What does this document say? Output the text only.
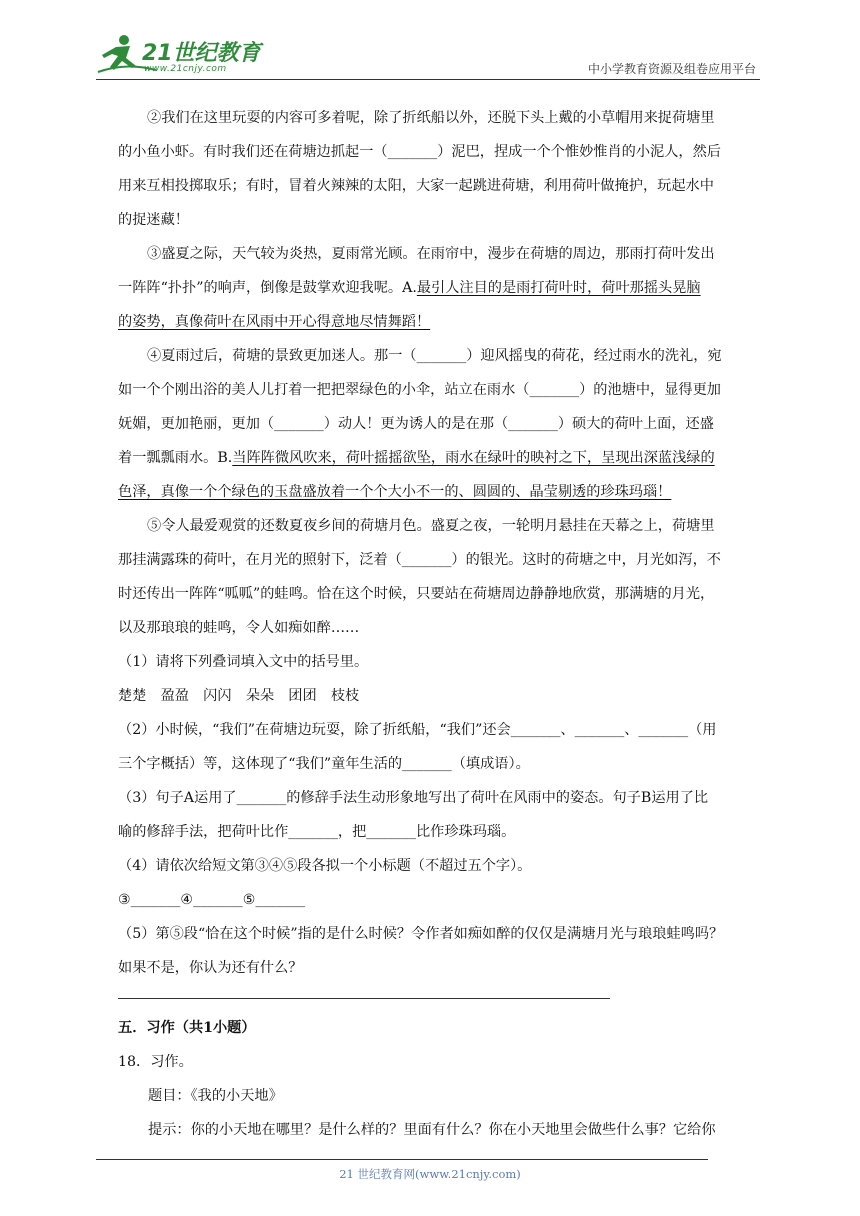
21世纪教育
www.21cnjy.com	中小学教育资源及组卷应用平台
②我们在这里玩耍的内容可多着呢，除了折纸船以外，还脱下头上戴的小草帽用来捉荷塘里
的小鱼小虾。有时我们还在荷塘边抓起一（_______）泥巴，捏成一个个惟妙惟肖的小泥人，然后
用来互相投掷取乐；有时，冒着火辣辣的太阳，大家一起跳进荷塘，利用荷叶做掩护，玩起水中
的捉迷藏！
③盛夏之际，天气较为炎热，夏雨常光顾。在雨帘中，漫步在荷塘的周边，那雨打荷叶发出
一阵阵“扑扑”的响声，倒像是鼓掌欢迎我呢。A.最引人注目的是雨打荷叶时，荷叶那摇头晃脑
的姿势，真像荷叶在风雨中开心得意地尽情舞蹈！
④夏雨过后，荷塘的景致更加迷人。那一（_______）迎风摇曳的荷花，经过雨水的洗礼，宛
如一个个刚出浴的美人儿打着一把把翠绿色的小伞，站立在雨水（_______）的池塘中，显得更加
妩媚，更加艳丽，更加（_______）动人！更为诱人的是在那（_______）硕大的荷叶上面，还盛
着一瓢瓢雨水。B.当阵阵微风吹来，荷叶摇摇欲坠，雨水在绿叶的映衬之下，呈现出深蓝浅绿的
色泽，真像一个个绿色的玉盘盛放着一个个大小不一的、圆圆的、晶莹剔透的珍珠玛瑙！
⑤令人最爱观赏的还数夏夜乡间的荷塘月色。盛夏之夜，一轮明月悬挂在天幕之上，荷塘里
那挂满露珠的荷叶，在月光的照射下，泛着（_______）的银光。这时的荷塘之中，月光如泻，不
时还传出一阵阵“呱呱”的蛙鸣。恰在这个时候，只要站在荷塘周边静静地欣赏，那满塘的月光，
以及那琅琅的蛙鸣，令人如痴如醉……
（1）请将下列叠词填入文中的括号里。
楚楚　盈盈　闪闪　朵朵　团团　枝枝
（2）小时候，“我们”在荷塘边玩耍，除了折纸船，“我们”还会_______、_______、_______（用
三个字概括）等，这体现了“我们”童年生活的_______（填成语）。
（3）句子A运用了_______的修辞手法生动形象地写出了荷叶在风雨中的姿态。句子B运用了比
喻的修辞手法，把荷叶比作_______，把_______比作珍珠玛瑙。
（4）请依次给短文第③④⑤段各拟一个小标题（不超过五个字）。
③_______④_______⑤_______
（5）第⑤段“恰在这个时候”指的是什么时候？令作者如痴如醉的仅仅是满塘月光与琅琅蛙鸣吗？
如果不是，你认为还有什么？
五．习作（共1小题）
18．习作。
题目：《我的小天地》
提示：你的小天地在哪里？是什么样的？里面有什么？你在小天地里会做些什么事？它给你
21 世纪教育网(www.21cnjy.com)
